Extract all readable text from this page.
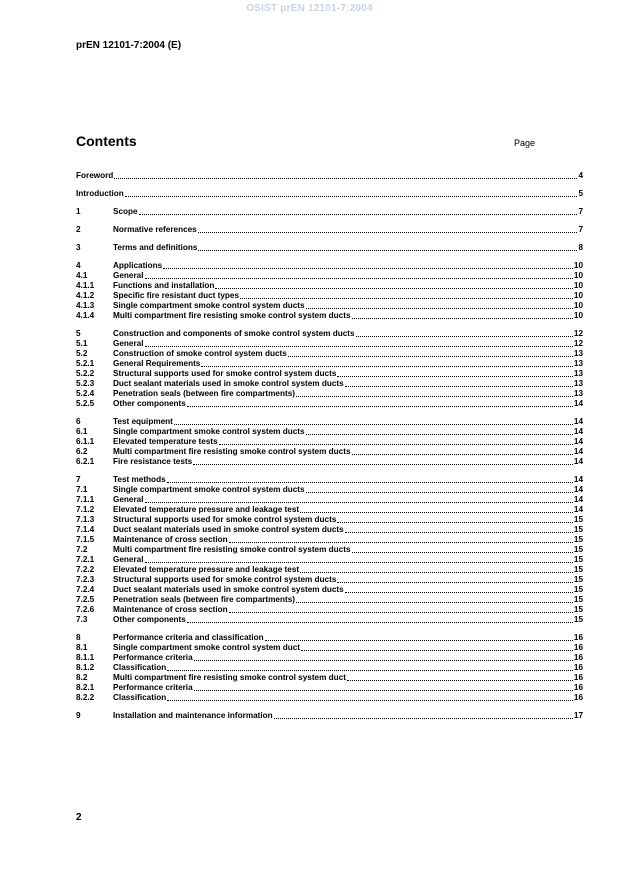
OSIST prEN 12101-7:2004
prEN 12101-7:2004 (E)
Contents	Page
Foreword	4
Introduction	5
1	Scope	7
2	Normative references	7
3	Terms and definitions	8
4	Applications	10
4.1	General	10
4.1.1	Functions and installation	10
4.1.2	Specific fire resistant duct types	10
4.1.3	Single compartment smoke control system ducts	10
4.1.4	Multi compartment fire resisting smoke control system ducts	10
5	Construction and components of smoke control system ducts	12
5.1	General	12
5.2	Construction of smoke control system ducts	13
5.2.1	General Requirements	13
5.2.2	Structural supports used for smoke control system ducts	13
5.2.3	Duct sealant materials used in smoke control system ducts	13
5.2.4	Penetration seals (between fire compartments)	13
5.2.5	Other components	14
6	Test equipment	14
6.1	Single compartment smoke control system ducts	14
6.1.1	Elevated temperature tests	14
6.2	Multi compartment fire resisting smoke control system ducts	14
6.2.1	Fire resistance tests	14
7	Test methods	14
7.1	Single compartment smoke control system ducts	14
7.1.1	General	14
7.1.2	Elevated temperature pressure and leakage test	14
7.1.3	Structural supports used for smoke control system ducts	15
7.1.4	Duct sealant materials used in smoke control system ducts	15
7.1.5	Maintenance of cross section	15
7.2	Multi compartment fire resisting smoke control system ducts	15
7.2.1	General	15
7.2.2	Elevated temperature pressure and leakage test	15
7.2.3	Structural supports used for smoke control system ducts	15
7.2.4	Duct sealant materials used in smoke control system ducts	15
7.2.5	Penetration seals (between fire compartments)	15
7.2.6	Maintenance of cross section	15
7.3	Other components	15
8	Performance criteria and classification	16
8.1	Single compartment smoke control system duct	16
8.1.1	Performance criteria	16
8.1.2	Classification	16
8.2	Multi compartment fire resisting smoke control system duct	16
8.2.1	Performance criteria	16
8.2.2	Classification	16
9	Installation and maintenance information	17
2
